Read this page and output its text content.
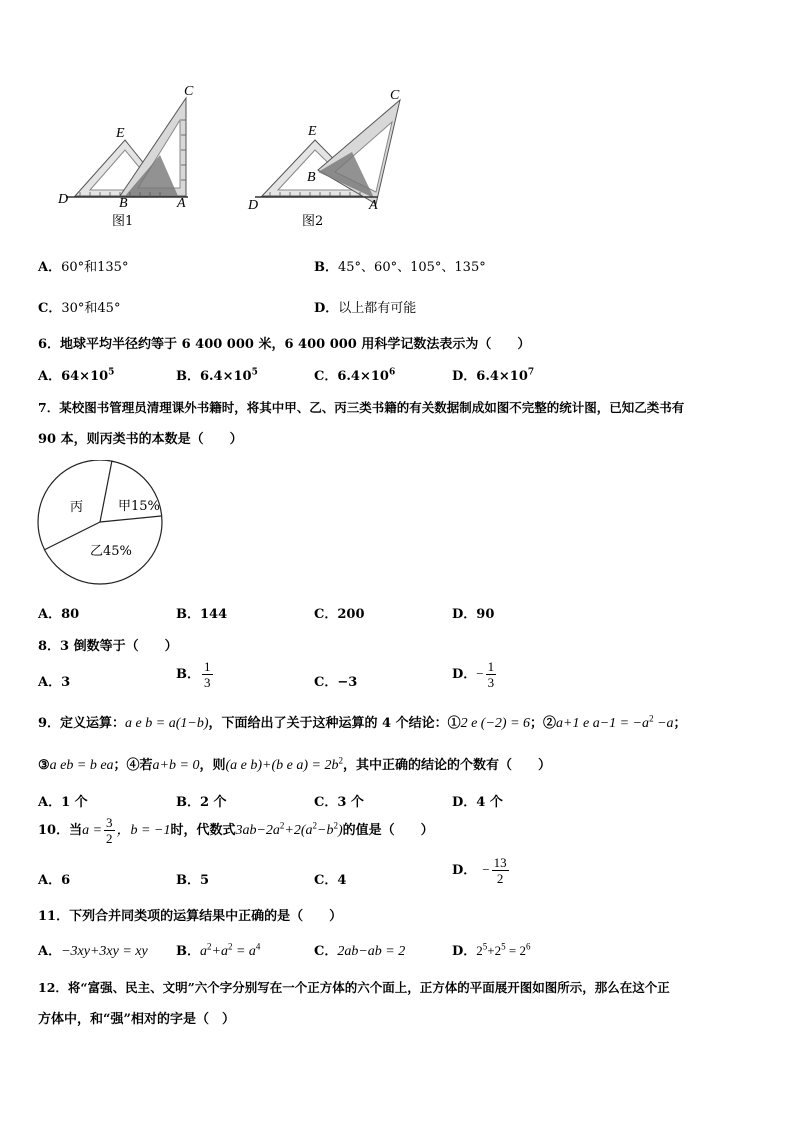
C
E
D	B	A
图1
C
E
D
B
A
图2
A．60°和135°	B．45°、60°、105°、135°
C．30°和45°	D．以上都有可能
6．地球平均半径约等于 6 400 000 米，6 400 000 用科学记数法表示为（　　）
A．$64\times 10^5$	B．$6.4\times 10^5$	C．$6.4\times 10^6$	D．$6.4\times 10^7$
7．某校图书管理员清理课外书籍时，将其中甲、乙、丙三类书籍的有关数据制成如图不完整的统计图，已知乙类书有
90 本，则丙类书的本数是（　　）
丙	甲15%
乙45%
A．80	B．144	C．200	D．90
8．3 倒数等于（　　）
A．3
B． $\frac{1}{3}$	C．−3
D．− $\frac{1}{3}$
9．定义运算：a e b = a(1−b)，下面给出了关于这种运算的 4 个结论：①2 e (−2) = 6；②a+1 e $a-1 = -a^2 -a$；
③a eb = b ea；④若a+b = 0，则(a e b)+(b e $a) = 2b^2$，其中正确的结论的个数有（　　）
A．1 个	B．2 个	C．3 个	D．4 个
10．当$a = \frac{3}{2}$ ，b = −1时，代数式$3ab-2a^2+2(a^2-b^2)$的值是（　　）
A．6	B．5	C．4
D． − $\frac{13}{2}$
11．下列合并同类项的运算结果中正确的是（　　）
A．−3xy+3xy = xy B．$a^2+a^2 = a^4$	C．2ab−ab = 2	D．$2^5+2^5 = 2^6$
12．将“富强、民主、文明”六个字分别写在一个正方体的六个面上，正方体的平面展开图如图所示，那么在这个正
方体中，和“强”相对的字是（　）
